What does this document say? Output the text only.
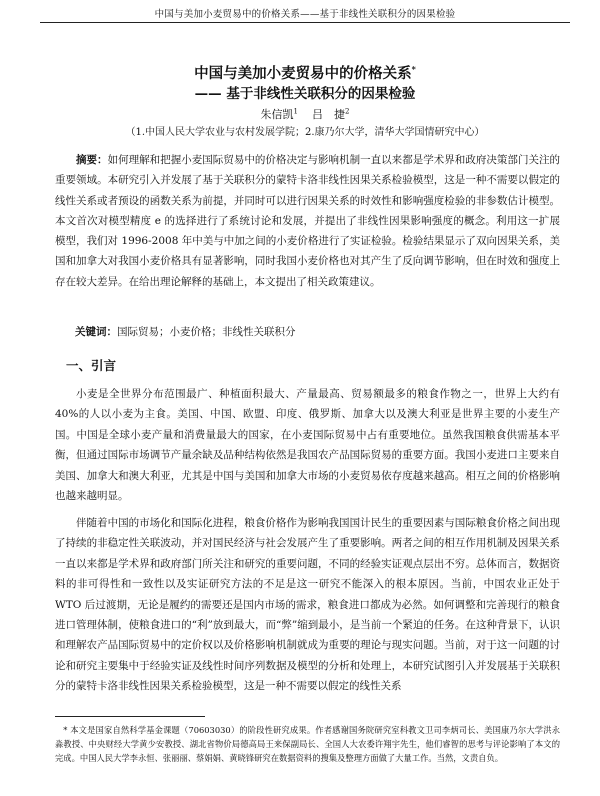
中国与美加小麦贸易中的价格关系——基于非线性关联积分的因果检验
中国与美加小麦贸易中的价格关系*
—— 基于非线性关联积分的因果检验
朱信凯$^1$ 吕　捷$^2$
（1.中国人民大学农业与农村发展学院；2.康乃尔大学，清华大学国情研究中心）
摘要：如何理解和把握小麦国际贸易中的价格决定与影响机制一直以来都是学术界和政府决策部门关注的重要领域。本研究引入并发展了基于关联积分的蒙特卡洛非线性因果关系检验模型，这是一种不需要以假定的线性关系或者预设的函数关系为前提，并同时可以进行因果关系的时效性和影响强度检验的非参数估计模型。本文首次对模型精度 e 的选择进行了系统讨论和发展，并提出了非线性因果影响强度的概念。利用这一扩展模型，我们对 1996-2008 年中美与中加之间的小麦价格进行了实证检验。检验结果显示了双向因果关系，美国和加拿大对我国小麦价格具有显著影响，同时我国小麦价格也对其产生了反向调节影响，但在时效和强度上存在较大差异。在给出理论解释的基础上，本文提出了相关政策建议。
关键词：国际贸易；小麦价格；非线性关联积分
一、引言
小麦是全世界分布范围最广、种植面积最大、产量最高、贸易额最多的粮食作物之一，世界上大约有40%的人以小麦为主食。美国、中国、欧盟、印度、俄罗斯、加拿大以及澳大利亚是世界主要的小麦生产国。中国是全球小麦产量和消费量最大的国家，在小麦国际贸易中占有重要地位。虽然我国粮食供需基本平衡，但通过国际市场调节产量余缺及品种结构依然是我国农产品国际贸易的重要方面。我国小麦进口主要来自美国、加拿大和澳大利亚，尤其是中国与美国和加拿大市场的小麦贸易依存度越来越高。相互之间的价格影响也越来越明显。
伴随着中国的市场化和国际化进程，粮食价格作为影响我国国计民生的重要因素与国际粮食价格之间出现了持续的非稳定性关联波动，并对国民经济与社会发展产生了重要影响。两者之间的相互作用机制及因果关系一直以来都是学术界和政府部门所关注和研究的重要问题，不同的经验实证观点层出不穷。总体而言，数据资料的非可得性和一致性以及实证研究方法的不足是这一研究不能深入的根本原因。当前，中国农业正处于 WTO 后过渡期，无论是履约的需要还是国内市场的需求，粮食进口都成为必然。如何调整和完善现行的粮食进口管理体制，使粮食进口的“利”放到最大，而“弊”缩到最小，是当前一个紧迫的任务。在这种背景下，认识和理解农产品国际贸易中的定价权以及价格影响机制就成为重要的理论与现实问题。当前，对于这一问题的讨论和研究主要集中于经验实证及线性时间序列数据及模型的分析和处理上，本研究试图引入并发展基于关联积分的蒙特卡洛非线性因果关系检验模型，这是一种不需要以假定的线性关系
* 本文是国家自然科学基金课题（70603030）的阶段性研究成果。作者感谢国务院研究室科教文卫司李炳司长、美国康乃尔大学洪永淼教授、中央财经大学黄少安教授、湖北省物价局德高局王来保副局长、全国人大农委许翔宇先生，他们睿智的思考与评论影响了本文的完成。中国人民大学李永恒、张丽丽、蔡娟娟、黄晓锋研究在数据资料的搜集及整理方面做了大量工作。当然，文责自负。
